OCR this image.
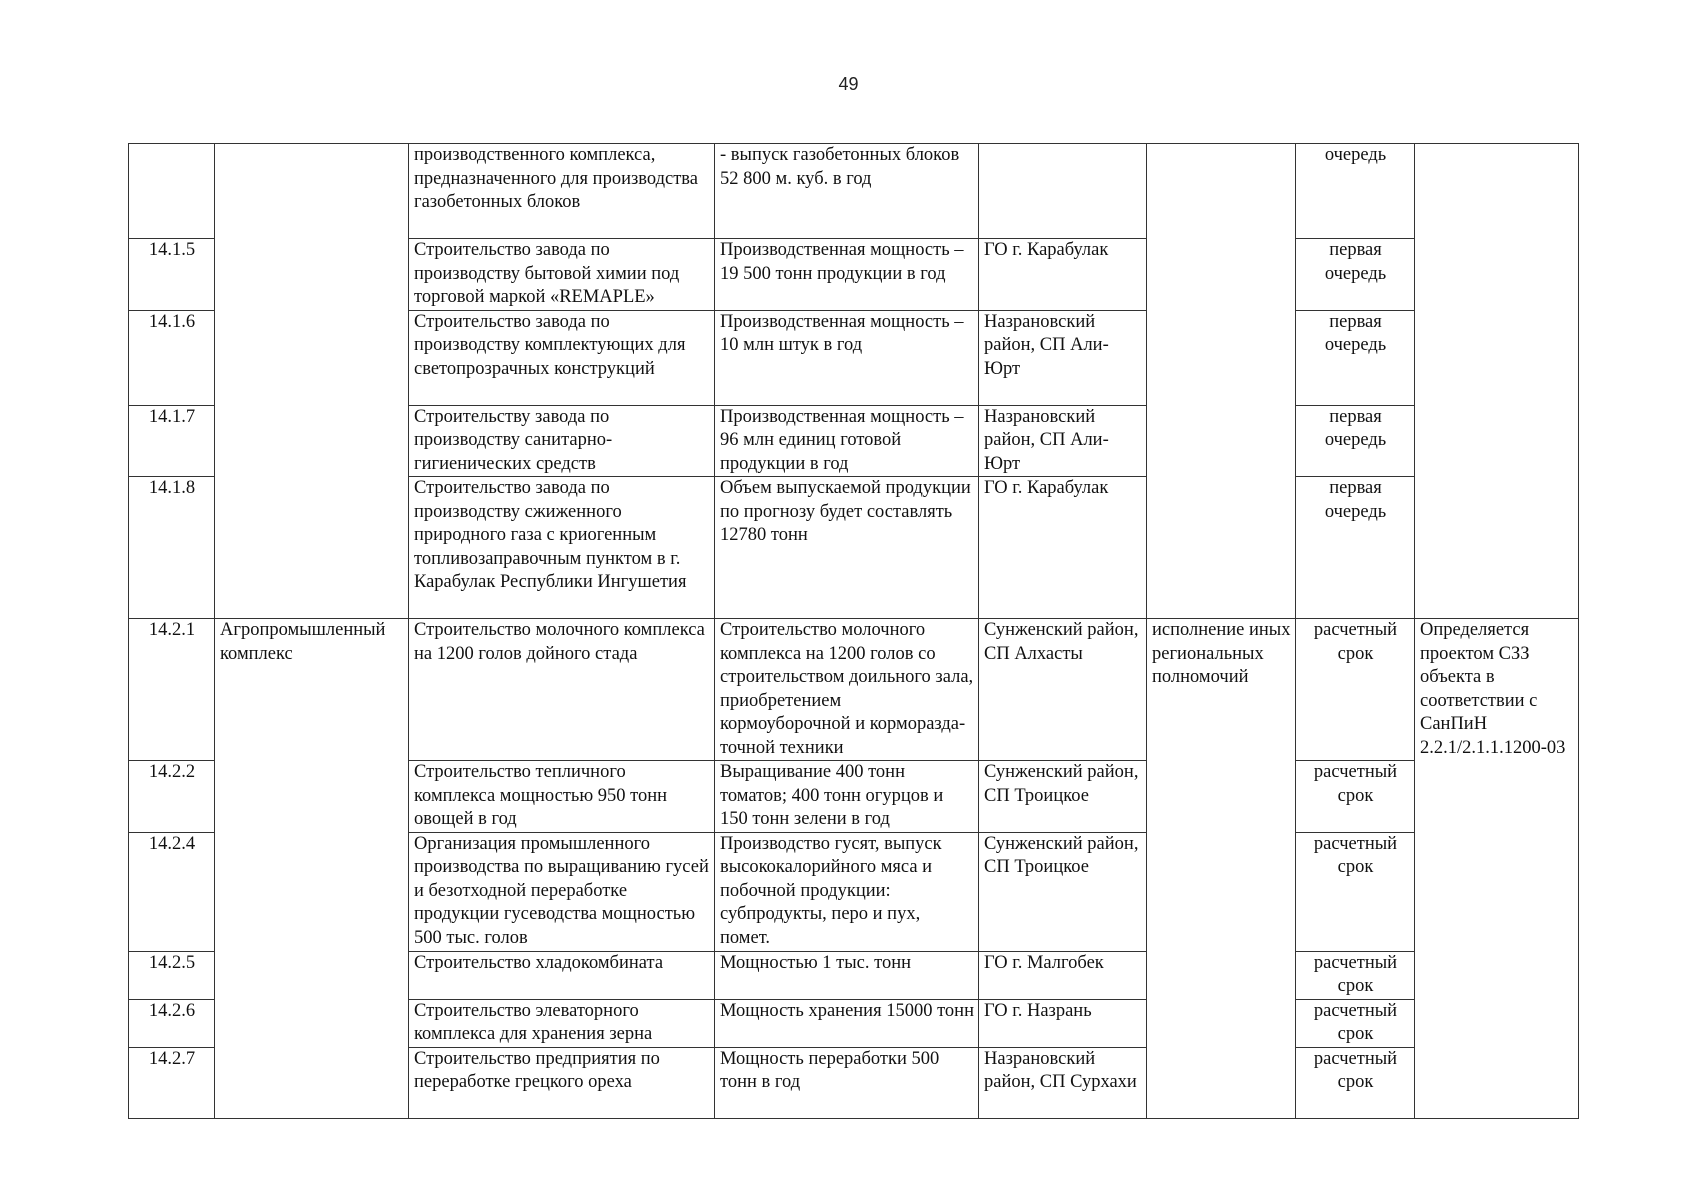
49
		производственного комплекса, предназначенного для производства газобетонных блоков	- выпуск газобетонных блоков 52 800 м. куб. в год			очередь	
14.1.5		Строительство завода по производству бытовой химии под торговой маркой «REMAPLE»	Производственная мощность – 19 500 тонн продукции в год	ГО г. Карабулак		первая очередь	
14.1.6		Строительство завода по производству комплектующих для светопрозрачных конструкций	Производственная мощность – 10 млн штук в год	Назрановский район, СП Али-Юрт		первая очередь	
14.1.7		Строительству завода по производству санитарно-гигиенических средств	Производственная мощность – 96 млн единиц готовой продукции в год	Назрановский район, СП Али-Юрт		первая очередь	
14.1.8		Строительство завода по производству сжиженного природного газа с криогенным топливозаправочным пунктом в г. Карабулак Республики Ингушетия	Объем выпускаемой продукции по прогнозу будет составлять 12780 тонн	ГО г. Карабулак		первая очередь	
14.2.1	Агропромышленный комплекс	Строительство молочного комплекса на 1200 голов дойного стада	Строительство молочного комплекса на 1200 голов со строительством доильного зала, приобретением кормоуборочной и кормораздаточной техники	Сунженский район, СП Алхасты	исполнение иных региональных полномочий	расчетный срок	Определяется проектом СЗЗ объекта в соответствии с СанПиН 2.2.1/2.1.1.1200-03
14.2.2		Строительство тепличного комплекса мощностью 950 тонн овощей в год	Выращивание 400 тонн томатов; 400 тонн огурцов и 150 тонн зелени в год	Сунженский район, СП Троицкое		расчетный срок	
14.2.4		Организация промышленного производства по выращиванию гусей и безотходной переработке продукции гусеводства мощностью 500 тыс. голов	Производство гусят, выпуск высококалорийного мяса и побочной продукции: субпродукты, перо и пух, помет.	Сунженский район, СП Троицкое		расчетный срок	
14.2.5		Строительство хладокомбината	Мощностью 1 тыс. тонн	ГО г. Малгобек		расчетный срок	
14.2.6		Строительство элеваторного комплекса для хранения зерна	Мощность хранения 15000 тонн	ГО г. Назрань		расчетный срок	
14.2.7		Строительство предприятия по переработке грецкого ореха	Мощность переработки 500 тонн в год	Назрановский район, СП Сурхахи		расчетный срок	
